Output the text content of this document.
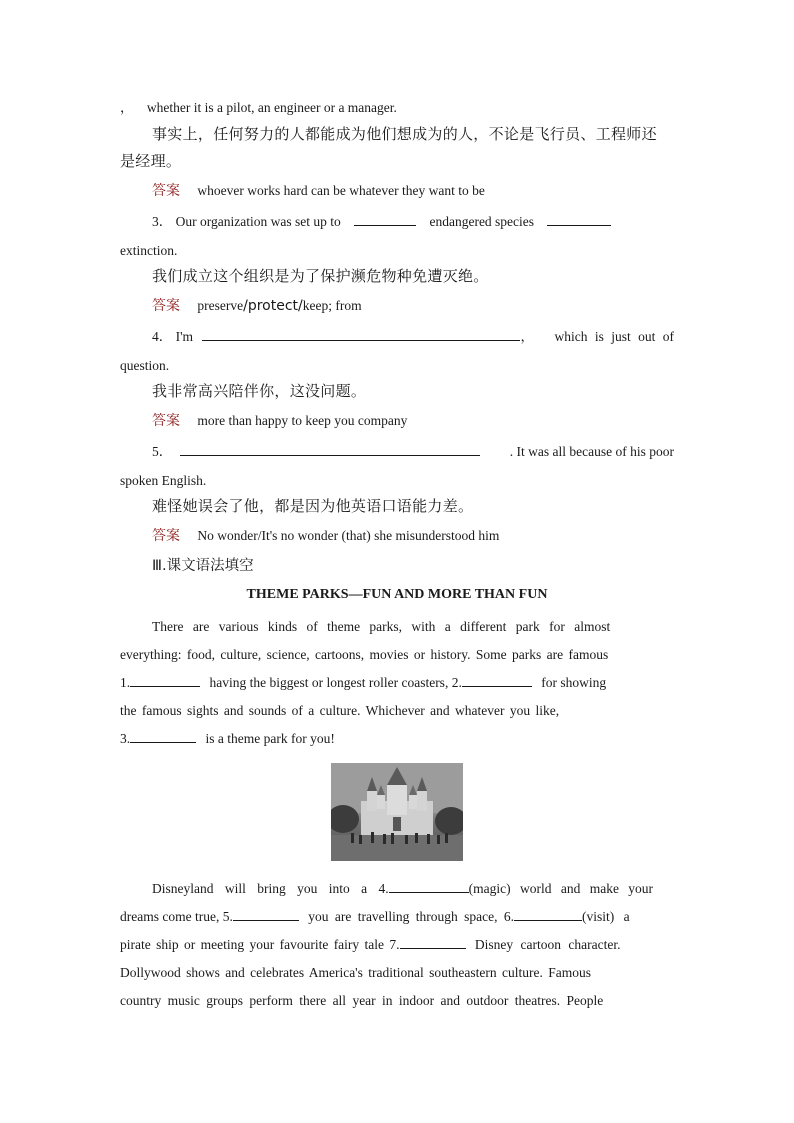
， whether it is a pilot, an engineer or a manager.
事实上，任何努力的人都能成为他们想成为的人，不论是飞行员、工程师还
是经理。
答案 whoever works hard can be whatever they want to be
3． Our organization was set up to	endangered species
extinction.
我们成立这个组织是为了保护濒危物种免遭灭绝。
答案 preserve/protect/keep; from
4． I'm	， which is just out of
question.
我非常高兴陪伴你，这没问题。
答案 more than happy to keep you company
5．	. It was all because of his poor
spoken English.
难怪她误会了他，都是因为他英语口语能力差。
答案 No wonder/It's no wonder (that) she misunderstood him
Ⅲ.课文语法填空
THEME PARKS—FUN AND MORE THAN FUN
There are various kinds of theme parks, with a different park for almost
everything: food, culture, science, cartoons, movies or history. Some parks are famous
1.	having the biggest or longest roller coasters, 2.	for showing
the famous sights and sounds of a culture. Whichever and whatever you like,
3.	is a theme park for you!
Disneyland will bring you into a 4.	(magic) world and make your
dreams come true, 5.	you are travelling through space, 6.	(visit) a
pirate ship or meeting your favourite fairy tale 7.	Disney cartoon character.
Dollywood shows and celebrates America's traditional southeastern culture. Famous
country music groups perform there all year in indoor and outdoor theatres. People
